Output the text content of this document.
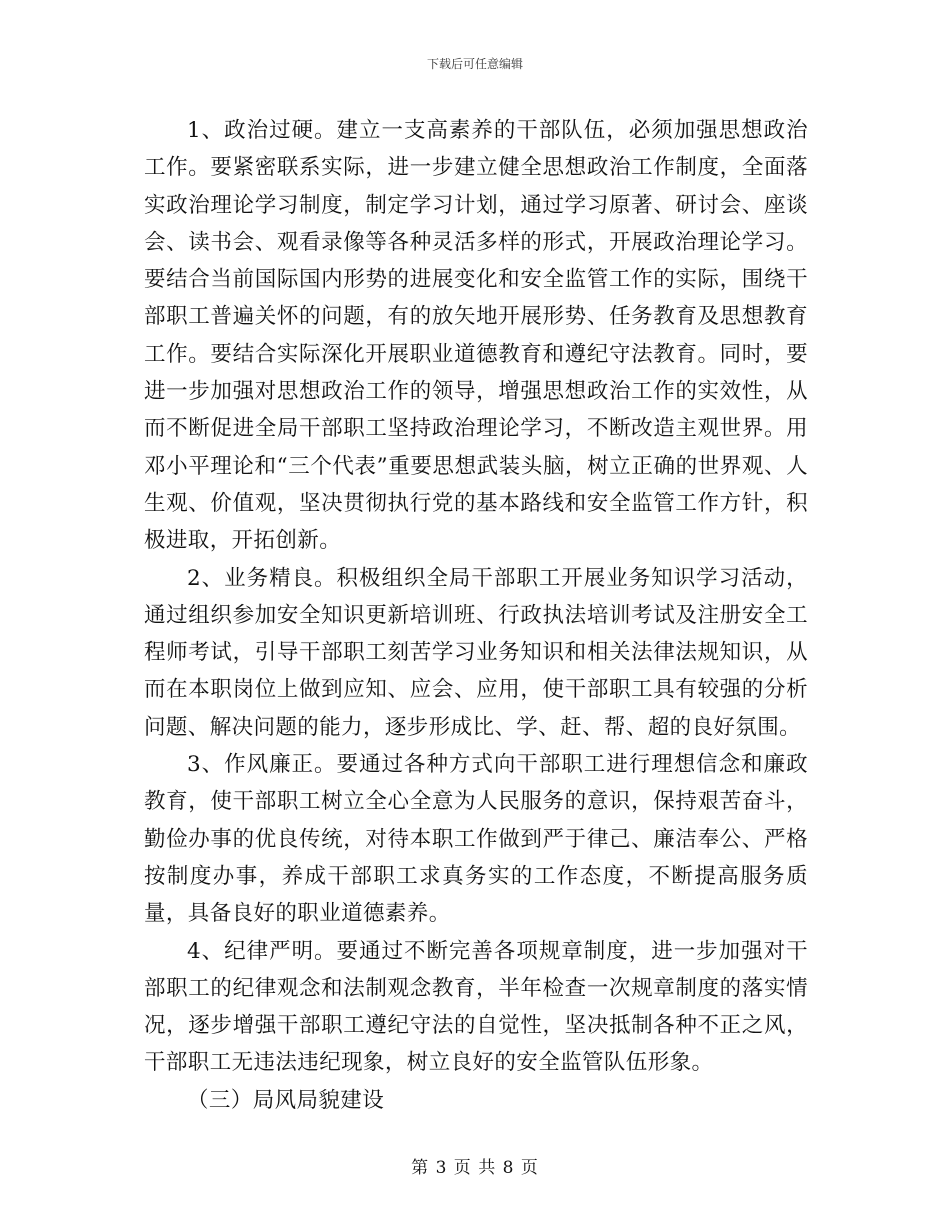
下载后可任意编辑

1、政治过硬。建立一支高素养的干部队伍，必须加强思想政治工作。要紧密联系实际，进一步建立健全思想政治工作制度，全面落实政治理论学习制度，制定学习计划，通过学习原著、研讨会、座谈会、读书会、观看录像等各种灵活多样的形式，开展政治理论学习。要结合当前国际国内形势的进展变化和安全监管工作的实际，围绕干部职工普遍关怀的问题，有的放矢地开展形势、任务教育及思想教育工作。要结合实际深化开展职业道德教育和遵纪守法教育。同时，要进一步加强对思想政治工作的领导，增强思想政治工作的实效性，从而不断促进全局干部职工坚持政治理论学习，不断改造主观世界。用邓小平理论和“三个代表”重要思想武装头脑，树立正确的世界观、人生观、价值观，坚决贯彻执行党的基本路线和安全监管工作方针，积极进取，开拓创新。

2、业务精良。积极组织全局干部职工开展业务知识学习活动，通过组织参加安全知识更新培训班、行政执法培训考试及注册安全工程师考试，引导干部职工刻苦学习业务知识和相关法律法规知识，从而在本职岗位上做到应知、应会、应用，使干部职工具有较强的分析问题、解决问题的能力，逐步形成比、学、赶、帮、超的良好氛围。

3、作风廉正。要通过各种方式向干部职工进行理想信念和廉政教育，使干部职工树立全心全意为人民服务的意识，保持艰苦奋斗，勤俭办事的优良传统，对待本职工作做到严于律己、廉洁奉公、严格按制度办事，养成干部职工求真务实的工作态度，不断提高服务质量，具备良好的职业道德素养。

4、纪律严明。要通过不断完善各项规章制度，进一步加强对干部职工的纪律观念和法制观念教育，半年检查一次规章制度的落实情况，逐步增强干部职工遵纪守法的自觉性，坚决抵制各种不正之风，干部职工无违法违纪现象，树立良好的安全监管队伍形象。

（三）局风局貌建设

第 3 页 共 8 页
